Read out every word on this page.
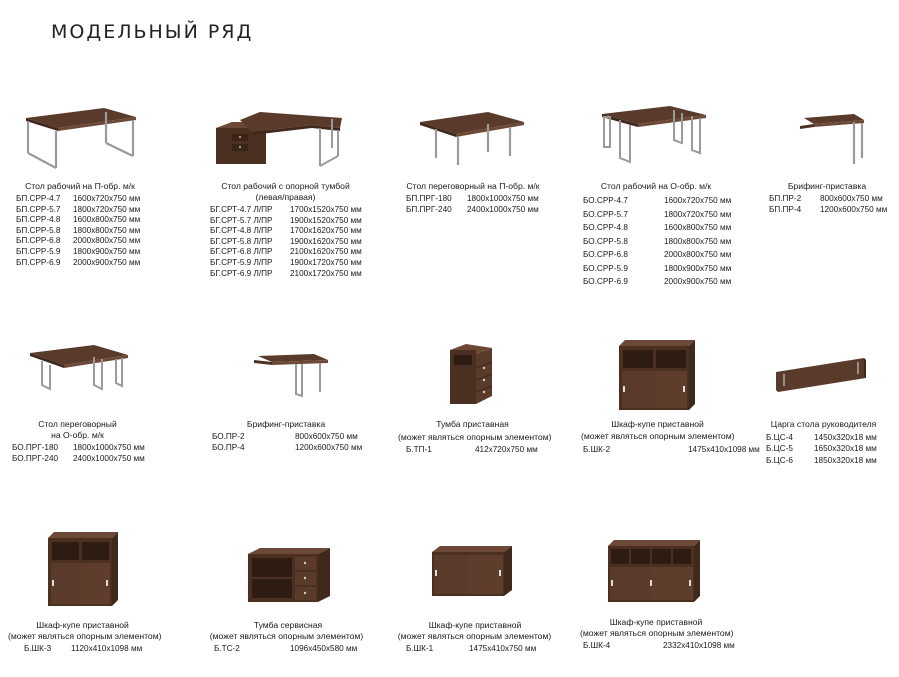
МОДЕЛЬНЫЙ РЯД
Стол рабочий на П-обр. м/к
БП.СРР-4.7	1600х720х750 мм
БП.СРР-5.7	1800х720х750 мм
БП.СРР-4.8	1600х800х750 мм
БП.СРР-5.8	1800х800х750 мм
БП.СРР-6.8	2000х800х750 мм
БП.СРР-5.9	1800х900х750 мм
БП.СРР-6.9	2000х900х750 мм
Стол рабочий с опорной тумбой
(левая/правая)
БГ.СРТ-4.7 Л/ПР	1700х1520х750 мм
БГ.СРТ-5.7 Л/ПР	1900х1520х750 мм
БГ.СРТ-4.8 Л/ПР	1700х1620х750 мм
БГ.СРТ-5.8 Л/ПР	1900х1620х750 мм
БГ.СРТ-6.8 Л/ПР	2100х1620х750 мм
БГ.СРТ-5.9 Л/ПР	1900х1720х750 мм
БГ.СРТ-6.9 Л/ПР	2100х1720х750 мм
Стол переговорный на П-обр. м/к
БП.ПРГ-180	1800х1000х750 мм
БП.ПРГ-240	2400х1000х750 мм
Стол рабочий на О-обр. м/к
БО.СРР-4.7	1600х720х750 мм
БО.СРР-5.7	1800х720х750 мм
БО.СРР-4.8	1600х800х750 мм
БО.СРР-5.8	1800х800х750 мм
БО.СРР-6.8	2000х800х750 мм
БО.СРР-5.9	1800х900х750 мм
БО.СРР-6.9	2000х900х750 мм
Брифинг-приставка
БП.ПР-2	800х600х750 мм
БП.ПР-4	1200х600х750 мм
Стол переговорный
на О-обр. м/к
БО.ПРГ-180	1800х1000х750 мм
БО.ПРГ-240	2400х1000х750 мм
Брифинг-приставка
БО.ПР-2	800х600х750 мм
БО.ПР-4	1200х600х750 мм
Тумба приставная
(может являться опорным элементом)
Б.ТП-1	412х720х750 мм
Шкаф-купе приставной
(может являться опорным элементом)
Б.ШК-2	1475х410х1098 мм
Царга стола руководителя
Б.ЦС-4	1450х320х18 мм
Б.ЦС-5	1650х320х18 мм
Б.ЦС-6	1850х320х18 мм
Шкаф-купе приставной
(может являться опорным элементом)
Б.ШК-3	1120х410х1098 мм
Тумба сервисная
(может являться опорным элементом)
Б.ТС-2	1096х450х580 мм
Шкаф-купе приставной
(может являться опорным элементом)
Б.ШК-1	1475х410х750 мм
Шкаф-купе приставной
(может являться опорным элементом)
Б.ШК-4	2332х410х1098 мм
